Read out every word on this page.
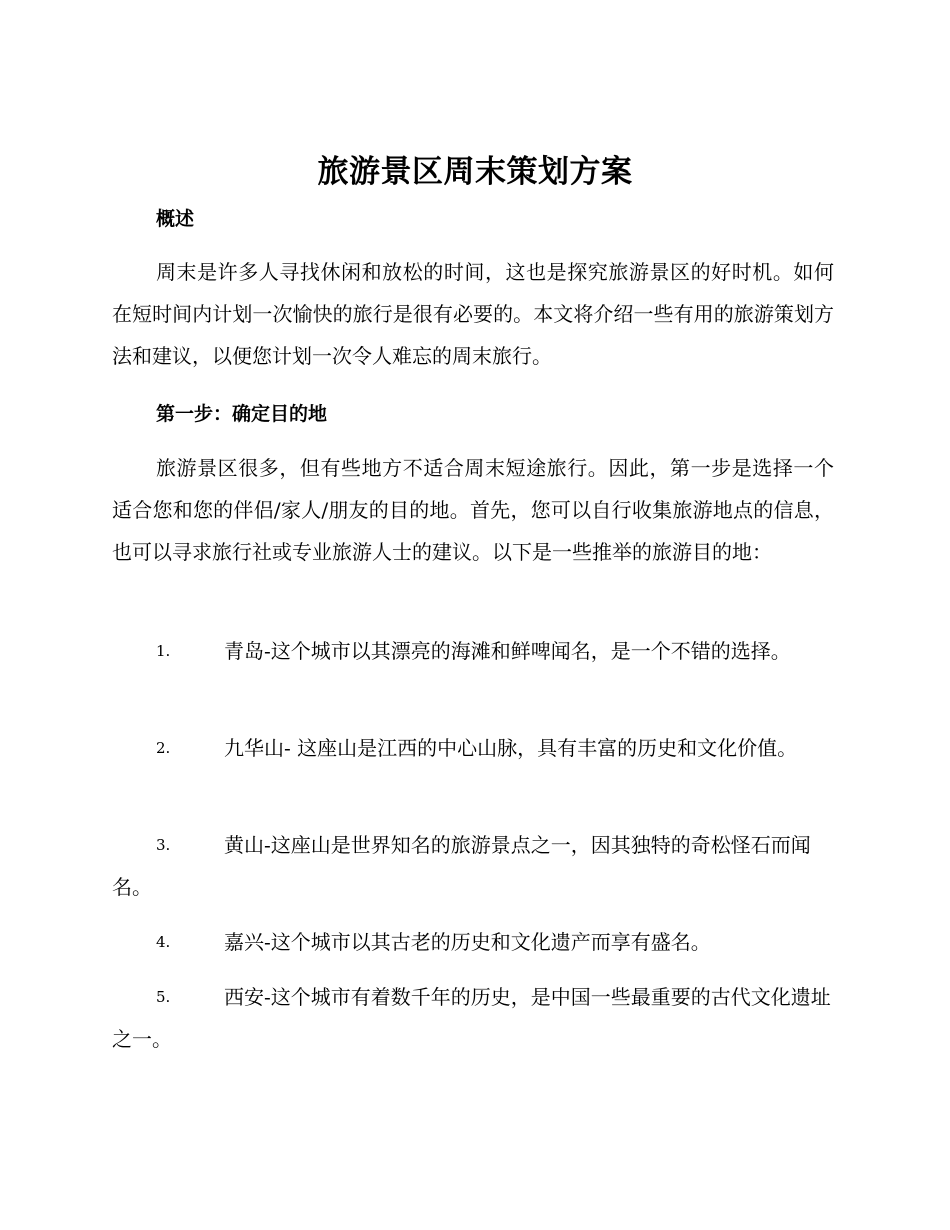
旅游景区周末策划方案
概述
周末是许多人寻找休闲和放松的时间，这也是探究旅游景区的好时机。如何在短时间内计划一次愉快的旅行是很有必要的。本文将介绍一些有用的旅游策划方法和建议，以便您计划一次令人难忘的周末旅行。
第一步：确定目的地
旅游景区很多，但有些地方不适合周末短途旅行。因此，第一步是选择一个适合您和您的伴侣/家人/朋友的目的地。首先，您可以自行收集旅游地点的信息，也可以寻求旅行社或专业旅游人士的建议。以下是一些推举的旅游目的地：
1.	青岛-这个城市以其漂亮的海滩和鲜啤闻名，是一个不错的选择。
2.	九华山- 这座山是江西的中心山脉，具有丰富的历史和文化价值。
3.	黄山-这座山是世界知名的旅游景点之一，因其独特的奇松怪石而闻名。
4.	嘉兴-这个城市以其古老的历史和文化遗产而享有盛名。
5.	西安-这个城市有着数千年的历史，是中国一些最重要的古代文化遗址之一。
